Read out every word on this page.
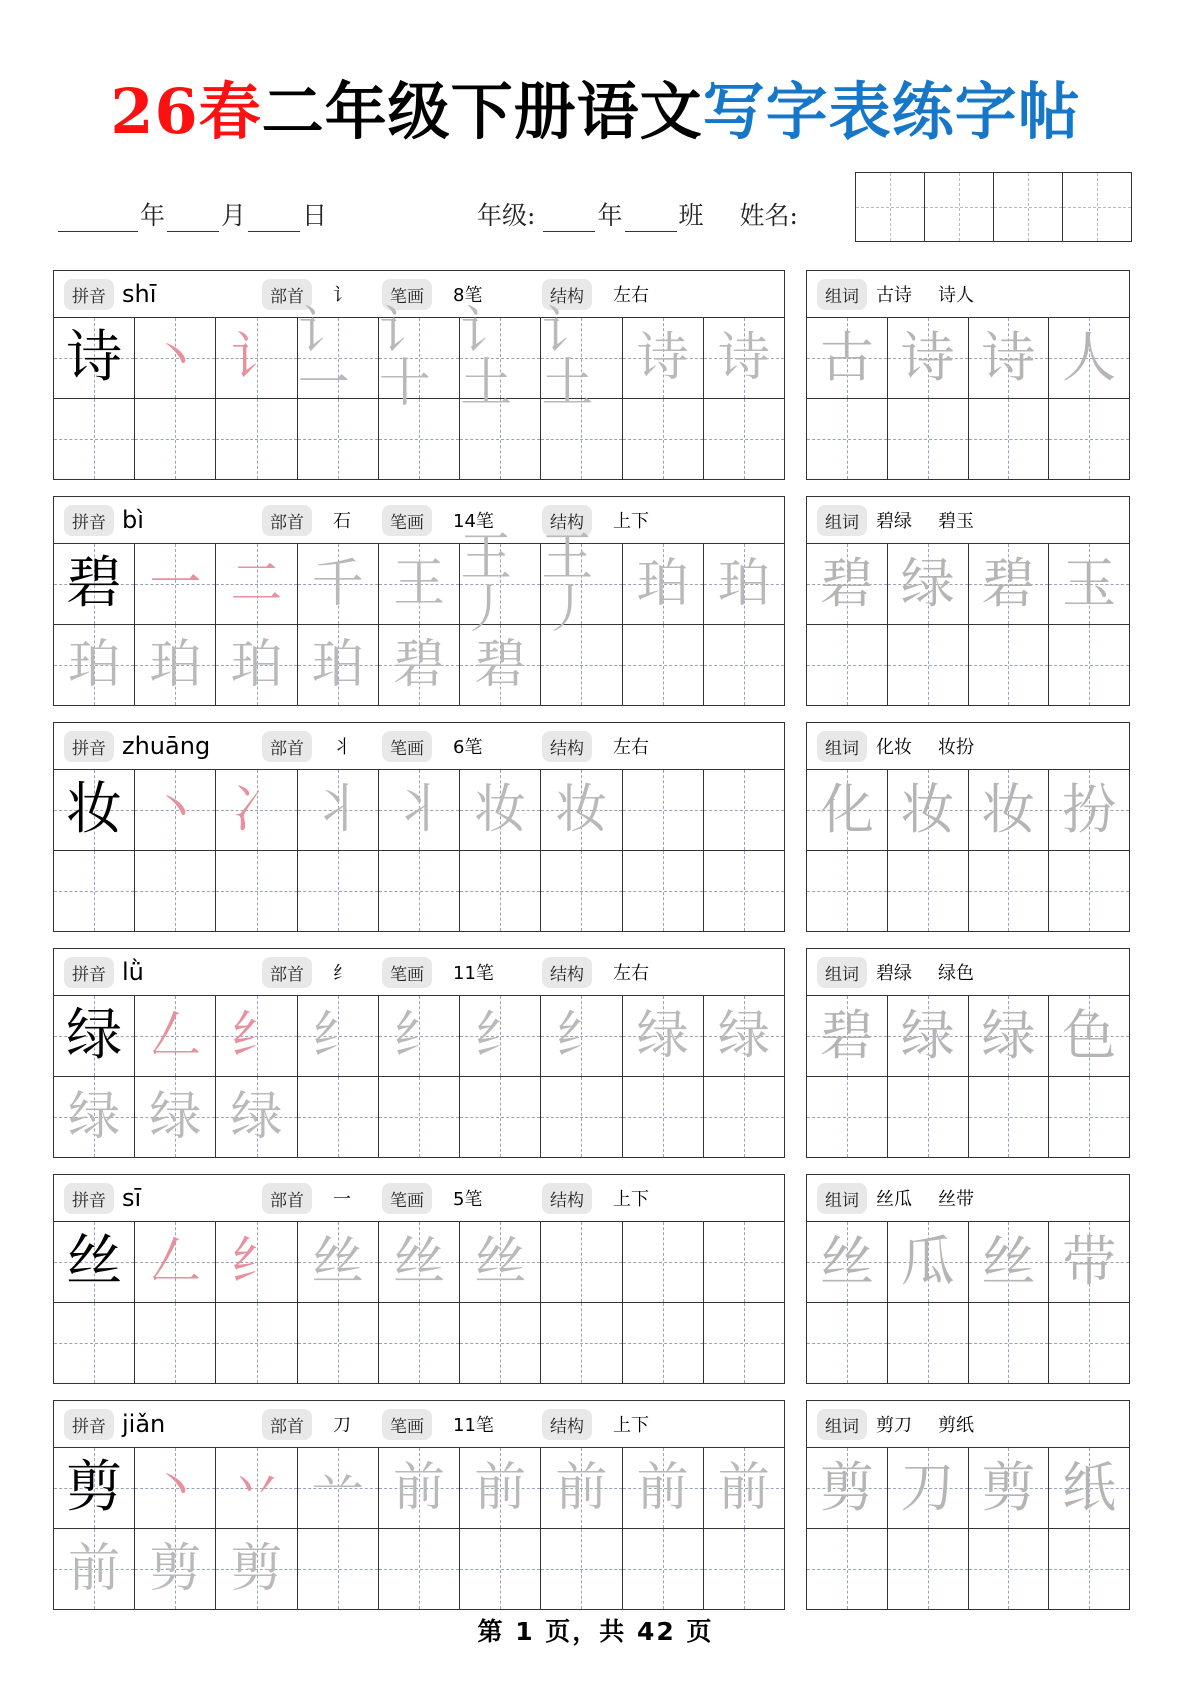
26春二年级下册语文写字表练字帖
年 月 日	年级: 年 班 姓名:
拼音 shī	部首	讠	笔画	8笔	结构	左右
诗 丶 讠 讠一
讠十
讠土
讠土 诗 诗
组词 古诗 诗人
古 诗 诗 人
拼音 bì	部首	石	笔画	14笔	结构	上下
碧 一 二 千 王 王丿
王丿 珀 珀
珀 珀 珀 珀 碧 碧
组词 碧绿 碧玉
碧 绿 碧 玉
拼音 zhuāng	部首	丬	笔画	6笔	结构	左右
妆 丶 冫 丬 丬 妆 妆
组词 化妆 妆扮
化 妆 妆 扮
拼音 lǜ	部首	纟	笔画	11笔	结构	左右
绿 𠃋 纟 纟 纟 纟 纟 绿 绿
绿 绿 绿
组词 碧绿 绿色
碧 绿 绿 色
拼音 sī	部首	一	笔画	5笔	结构	上下
丝 𠃋 纟 丝 丝 丝
组词 丝瓜 丝带
丝 瓜 丝 带
拼音 jiǎn	部首	刀	笔画	11笔	结构	上下
剪 丶 丷 䒑 前 前 前 前 前
前 剪 剪
组词 剪刀 剪纸
剪 刀 剪 纸
第 1 页，共 42 页
